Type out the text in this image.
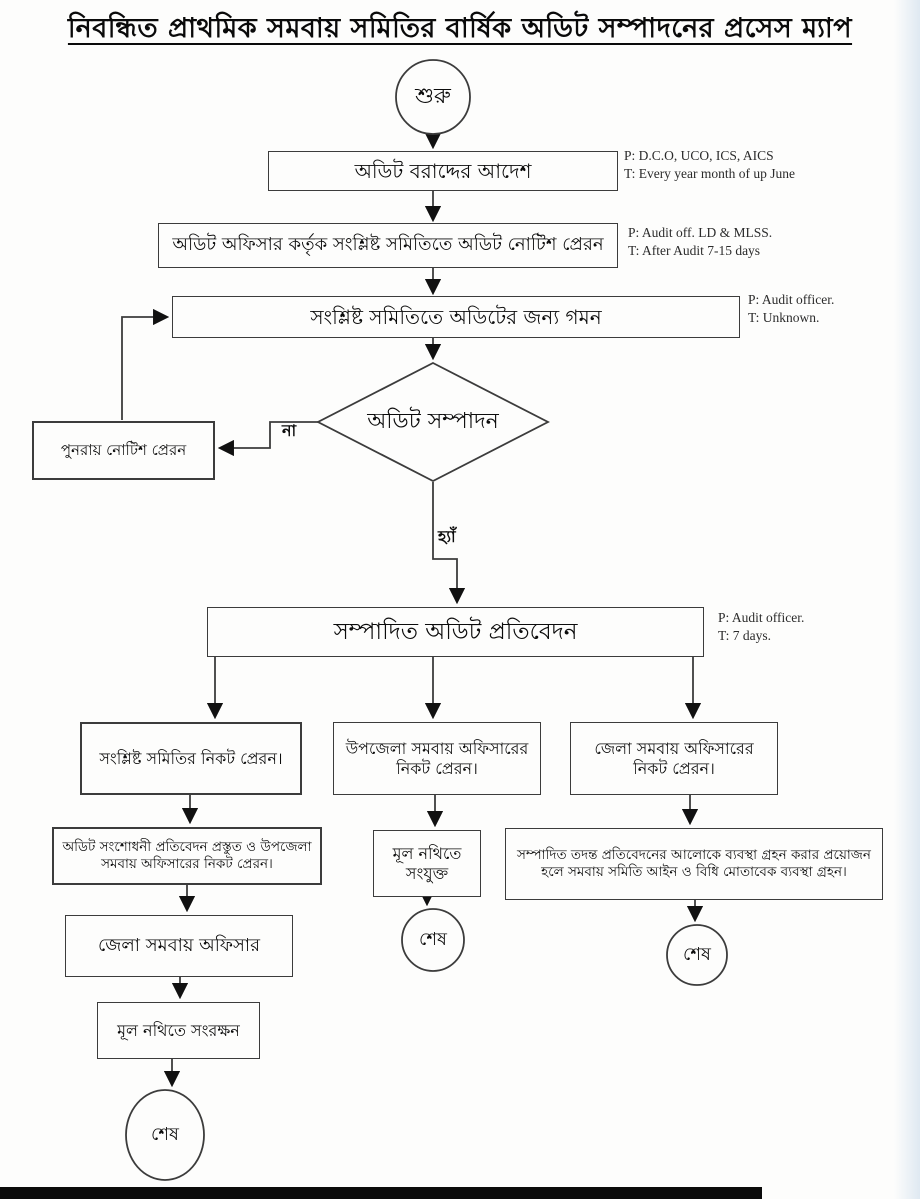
নিবন্ধিত প্রাথমিক সমবায় সমিতির বার্ষিক অডিট সম্পাদনের প্রসেস ম্যাপ
শুরু
অডিট সম্পাদন
শেষ
শেষ
শেষ
অডিট বরাদ্দের আদেশ
অডিট অফিসার কর্তৃক সংশ্লিষ্ট সমিতিতে অডিট নোটিশ প্রেরন
সংশ্লিষ্ট সমিতিতে অডিটের জন্য গমন
পুনরায় নোটিশ প্রেরন
সম্পাদিত অডিট প্রতিবেদন
সংশ্লিষ্ট সমিতির নিকট প্রেরন।
উপজেলা সমবায় অফিসারের নিকট প্রেরন।
জেলা সমবায় অফিসারের নিকট প্রেরন।
অডিট সংশোধনী প্রতিবেদন প্রস্তুত ও উপজেলা সমবায় অফিসারের নিকট প্রেরন।
মূল নথিতে সংযুক্ত
সম্পাদিত তদন্ত প্রতিবেদনের আলোকে ব্যবস্থা গ্রহন করার প্রয়োজন হলে সমবায় সমিতি আইন ও বিধি মোতাবেক ব্যবস্থা গ্রহন।
জেলা সমবায় অফিসার
মূল নথিতে সংরক্ষন
P: D.C.O, UCO, ICS, AICS
T: Every year month of up June
P: Audit off. LD & MLSS.
T: After Audit 7-15 days
P: Audit officer.
T: Unknown.
P: Audit officer.
T: 7 days.
না
হ্যাঁ
